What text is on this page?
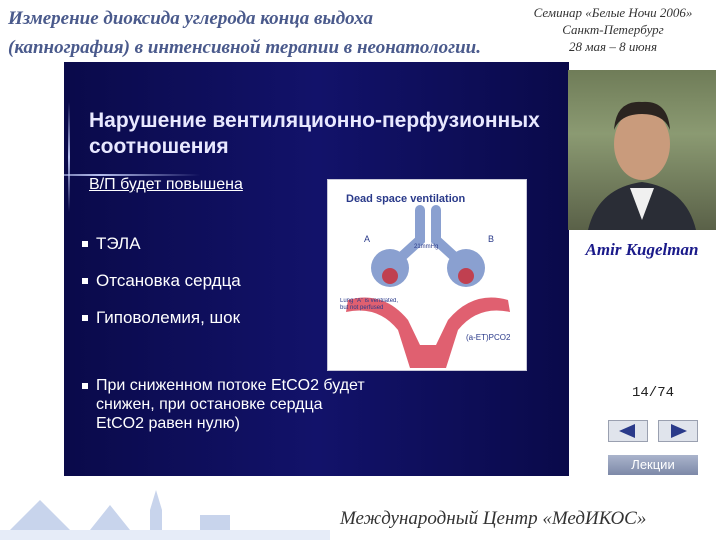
Измерение диоксида углерода конца выдоха
(капнография) в интенсивной терапии в неонатологии.
Семинар «Белые Ночи 2006»
Санкт-Петербург
28 мая – 8 июня
Нарушение вентиляционно-перфузионных соотношения
В/П будет повышена
ТЭЛА
Отсановка сердца
Гиповолемия, шок
При сниженном потоке EtCO2 будет снижен, при остановке сердца EtCO2 равен нулю)
Dead space ventilation
A	B
21mmHg
Lung “A” is ventilated, but not perfused
(a-ET)PCO2
Amir Kugelman
14/74
Лекции
Международный Центр «МедИКОС»
